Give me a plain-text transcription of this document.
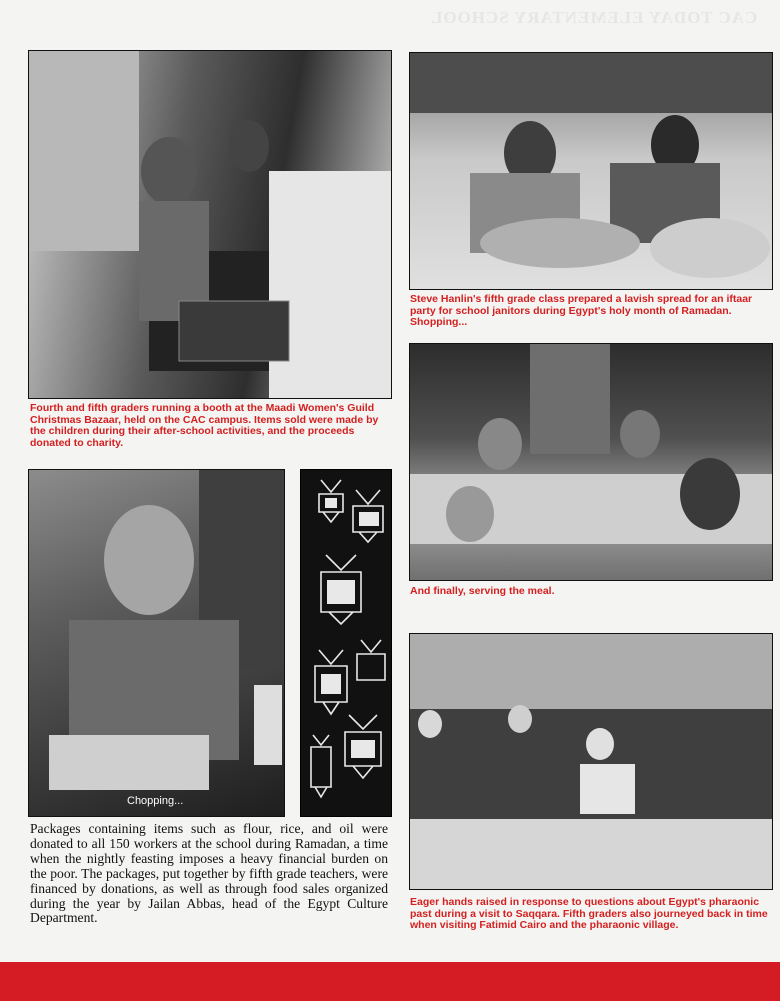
CAC TODAY ELEMENTARY SCHOOL

Fourth and fifth graders running a booth at the Maadi Women's Guild Christmas Bazaar, held on the CAC campus. Items sold were made by the children during their after-school activities, and the proceeds donated to charity.

Steve Hanlin's fifth grade class prepared a lavish spread for an iftaar party for school janitors during Egypt's holy month of Ramadan. Shopping...

And finally, serving the meal.

Chopping...

Packages containing items such as flour, rice, and oil were donated to all 150 workers at the school during Ramadan, a time when the nightly feasting imposes a heavy financial burden on the poor. The packages, put together by fifth grade teachers, were financed by donations, as well as through food sales organized during the year by Jailan Abbas, head of the Egypt Culture Department.

Eager hands raised in response to questions about Egypt's pharaonic past during a visit to Saqqara. Fifth graders also journeyed back in time when visiting Fatimid Cairo and the pharaonic village.
